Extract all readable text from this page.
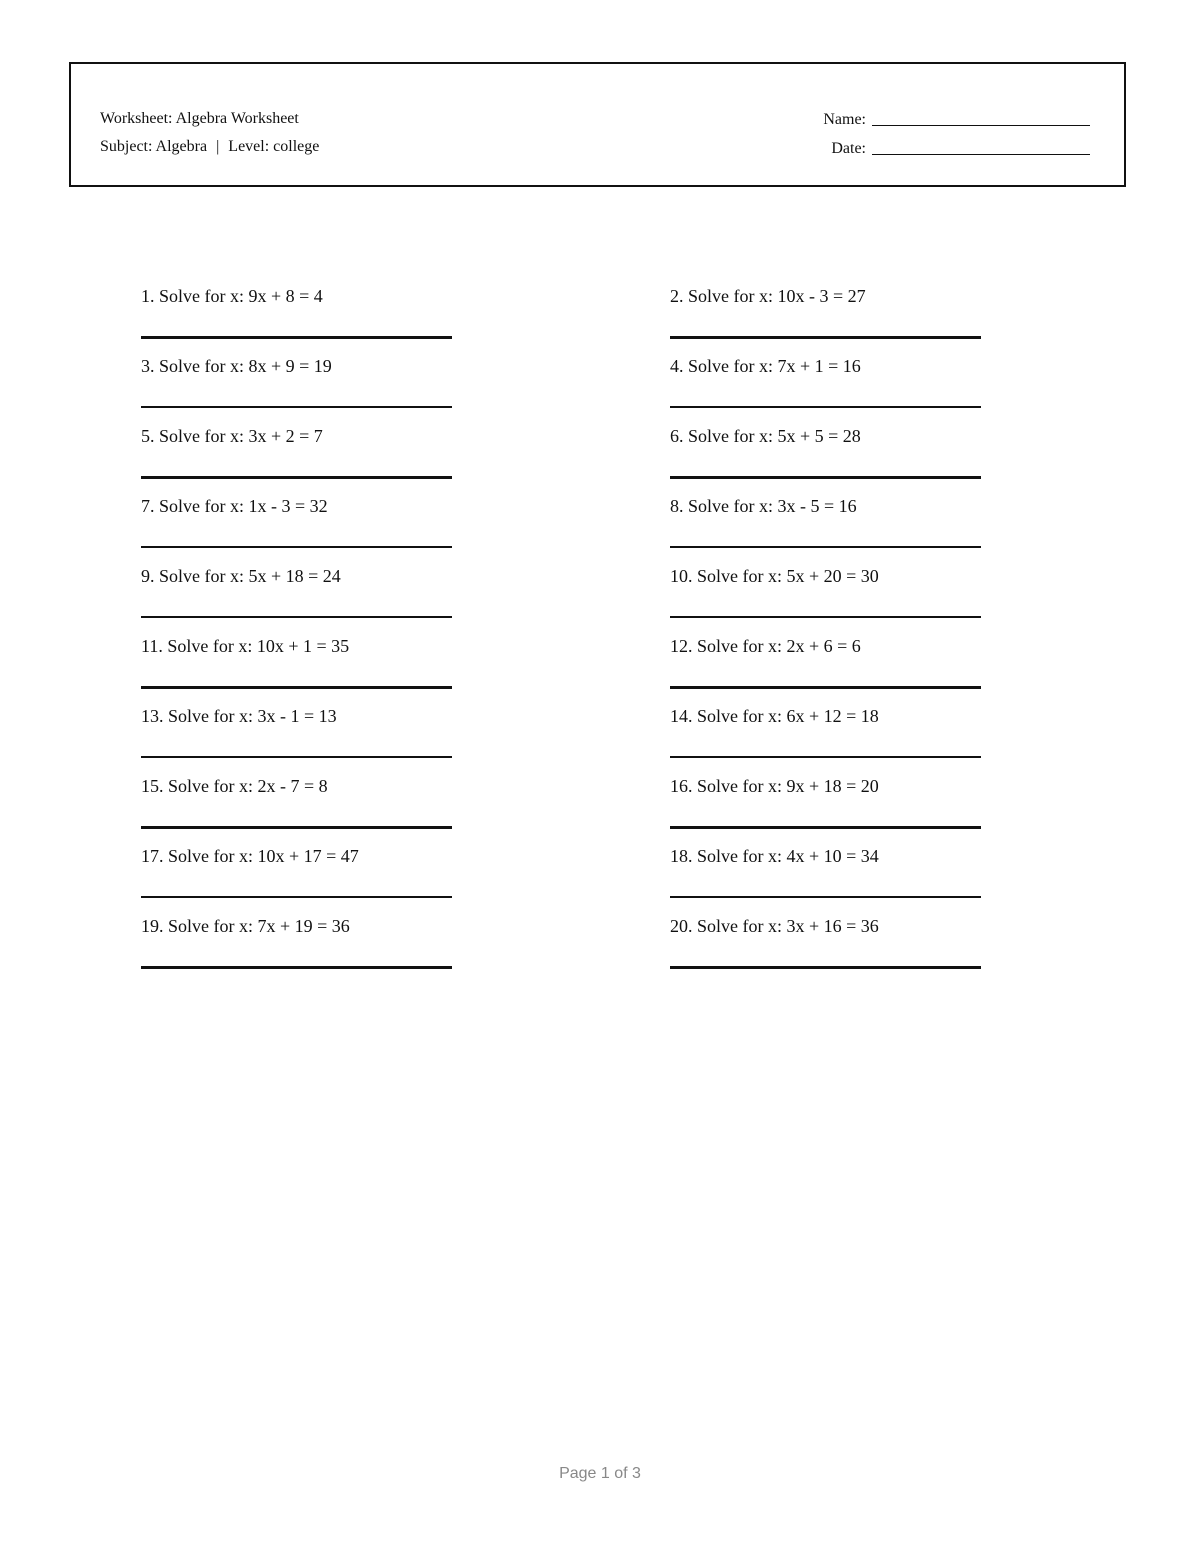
Worksheet: Algebra Worksheet
Subject: Algebra | Level: college
Name:
Date:
1. Solve for x: 9x + 8 = 4	2. Solve for x: 10x - 3 = 27
3. Solve for x: 8x + 9 = 19	4. Solve for x: 7x + 1 = 16
5. Solve for x: 3x + 2 = 7	6. Solve for x: 5x + 5 = 28
7. Solve for x: 1x - 3 = 32	8. Solve for x: 3x - 5 = 16
9. Solve for x: 5x + 18 = 24	10. Solve for x: 5x + 20 = 30
11. Solve for x: 10x + 1 = 35	12. Solve for x: 2x + 6 = 6
13. Solve for x: 3x - 1 = 13	14. Solve for x: 6x + 12 = 18
15. Solve for x: 2x - 7 = 8	16. Solve for x: 9x + 18 = 20
17. Solve for x: 10x + 17 = 47	18. Solve for x: 4x + 10 = 34
19. Solve for x: 7x + 19 = 36	20. Solve for x: 3x + 16 = 36
Page 1 of 3
